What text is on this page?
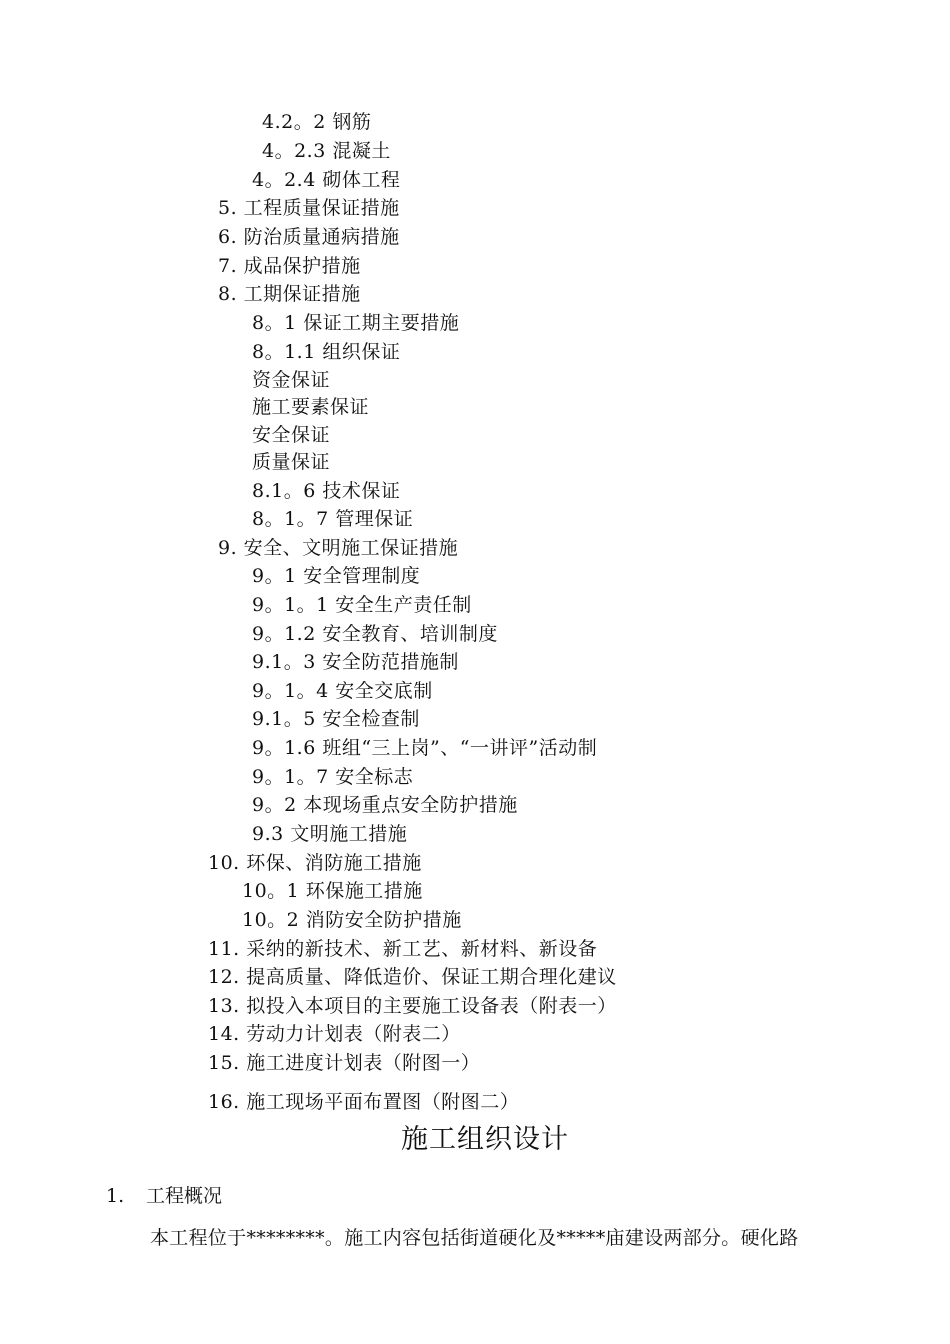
4.2。2 钢筋
4。2.3 混凝土
4。2.4 砌体工程
5. 工程质量保证措施
6. 防治质量通病措施
7. 成品保护措施
8. 工期保证措施
8。1 保证工期主要措施
8。1.1 组织保证
资金保证
施工要素保证
安全保证
质量保证
8.1。6 技术保证
8。1。7 管理保证
9. 安全、文明施工保证措施
9。1 安全管理制度
9。1。1 安全生产责任制
9。1.2 安全教育、培训制度
9.1。3 安全防范措施制
9。1。4 安全交底制
9.1。5 安全检查制
9。1.6 班组“三上岗”、“一讲评”活动制
9。1。7 安全标志
9。2 本现场重点安全防护措施
9.3 文明施工措施
10. 环保、消防施工措施
10。1 环保施工措施
10。2 消防安全防护措施
11. 采纳的新技术、新工艺、新材料、新设备
12. 提高质量、降低造价、保证工期合理化建议
13. 拟投入本项目的主要施工设备表（附表一）
14. 劳动力计划表（附表二）
15. 施工进度计划表（附图一）
16. 施工现场平面布置图（附图二）
施工组织设计
1. 工程概况
本工程位于********。施工内容包括街道硬化及*****庙建设两部分。硬化路
